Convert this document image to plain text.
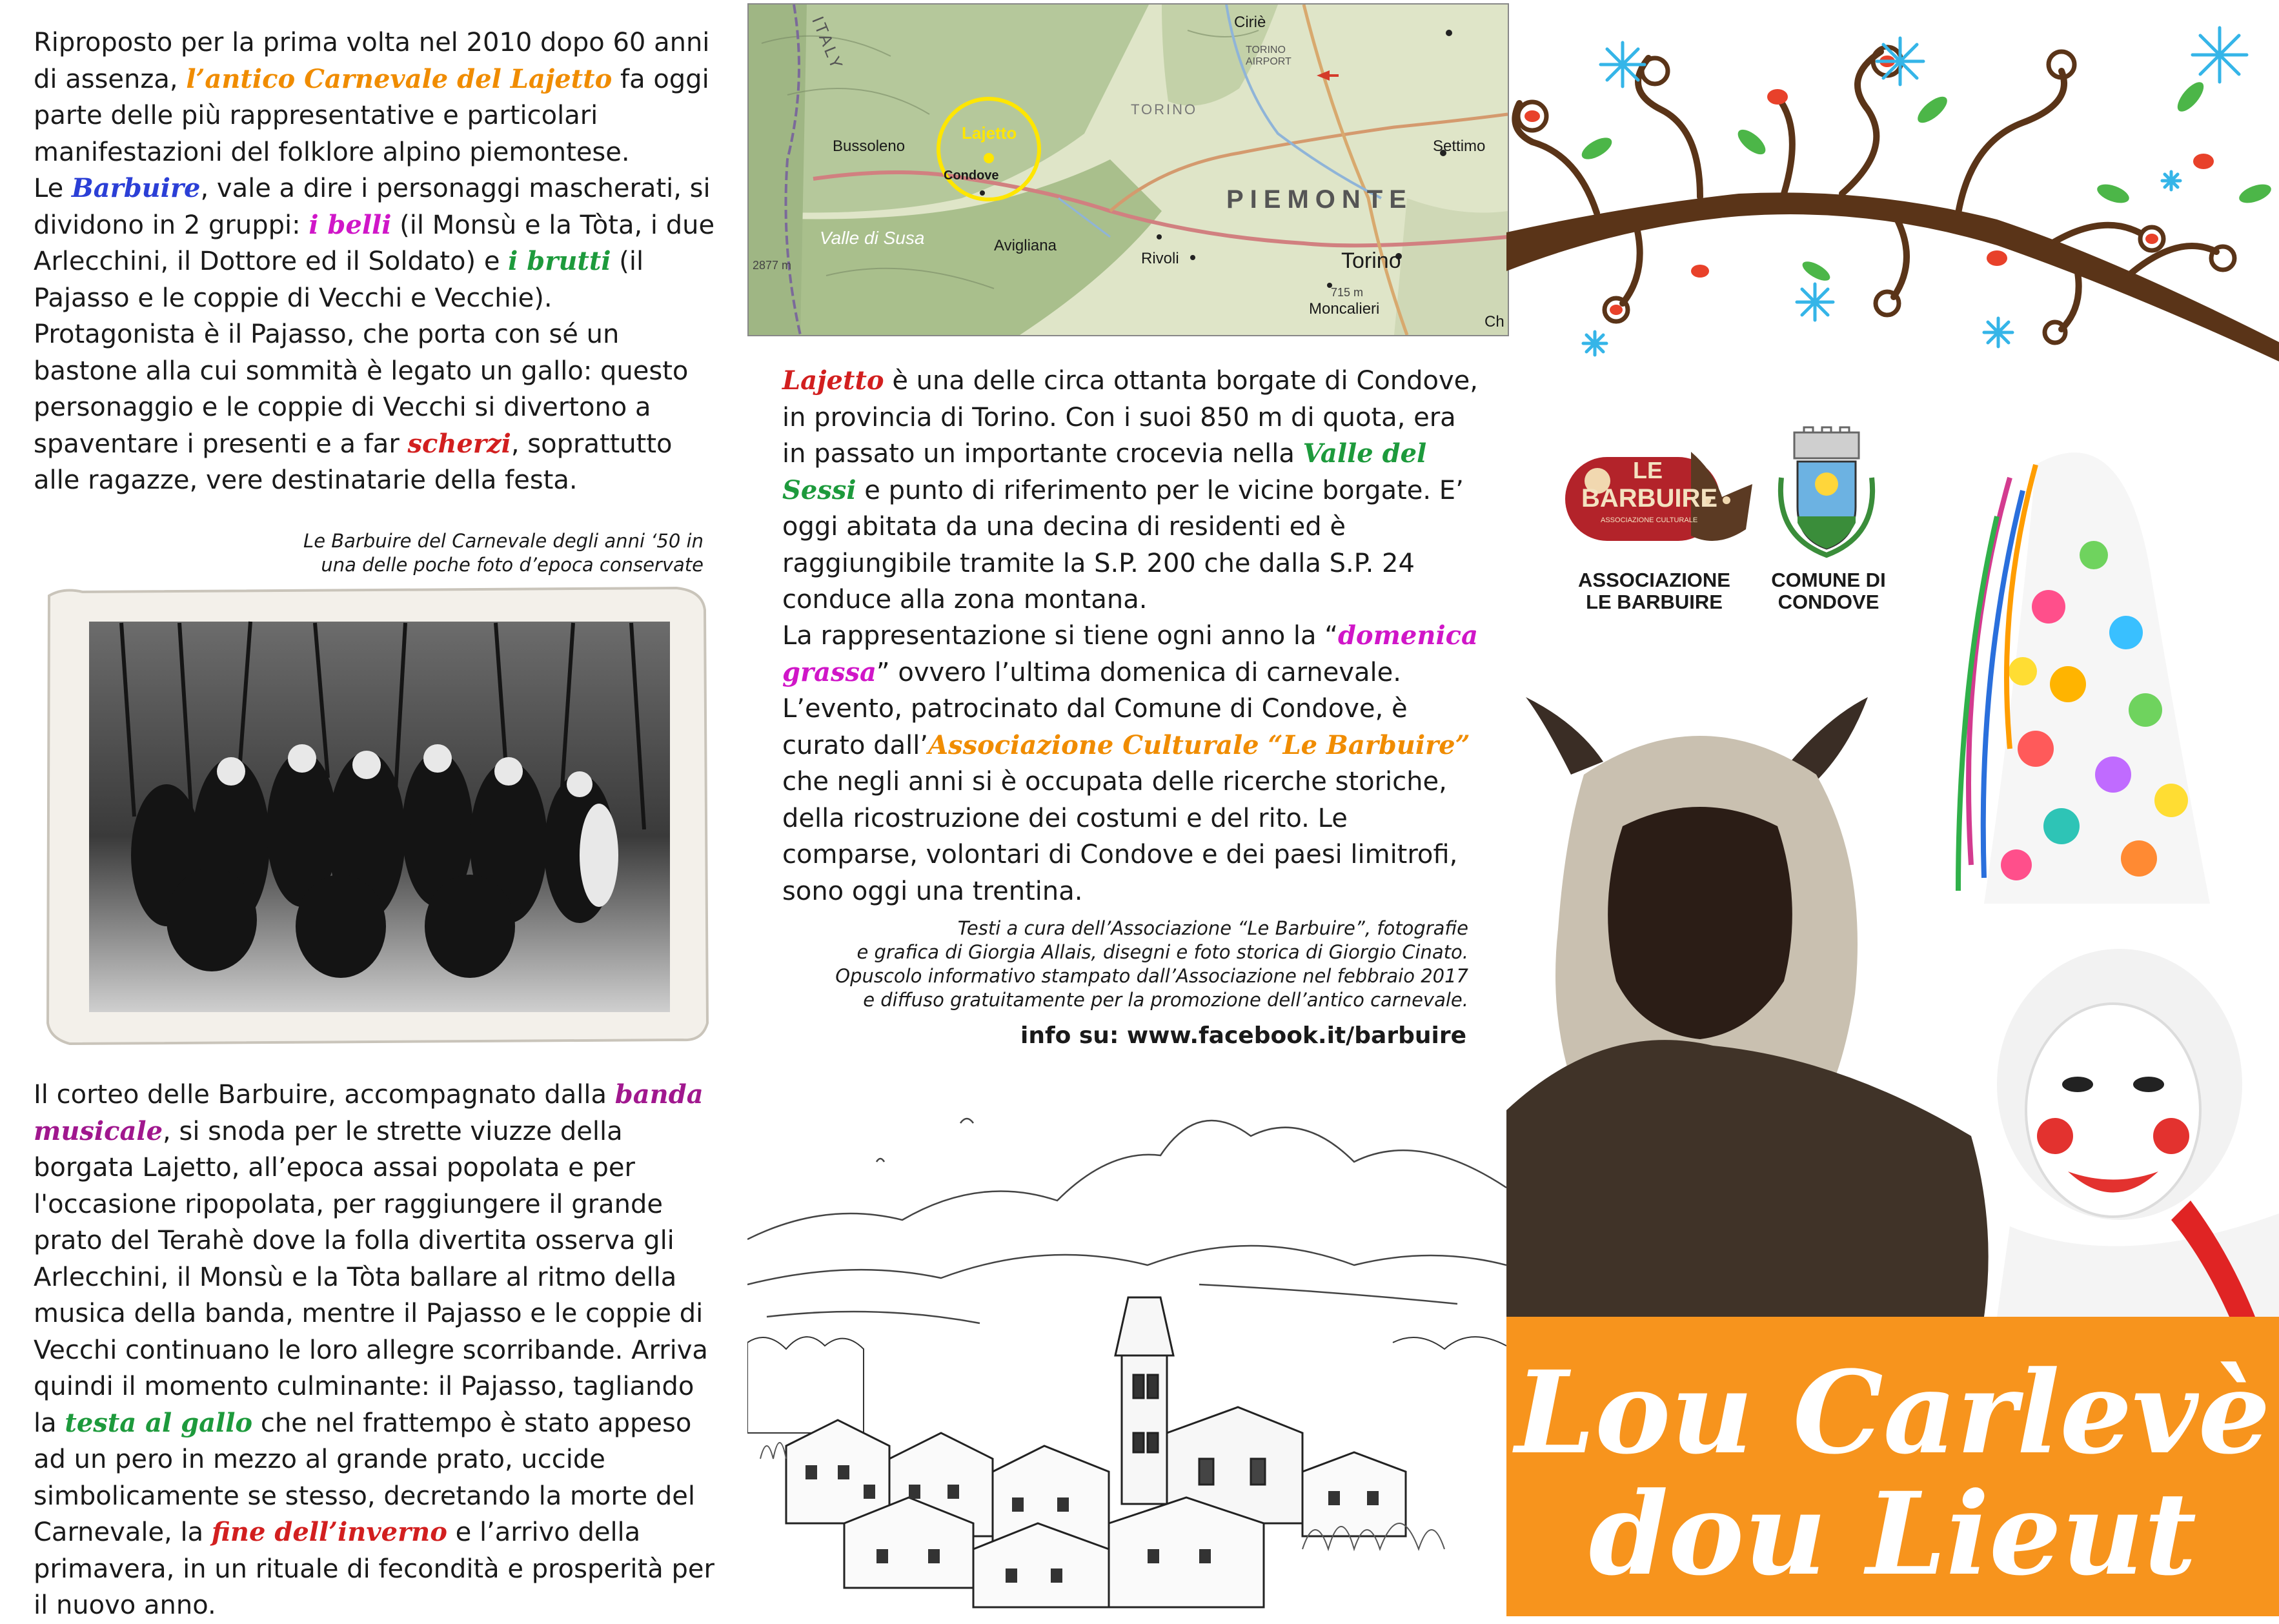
Riproposto per la prima volta nel 2010 dopo 60 anni di assenza, l’antico Carnevale del Lajetto fa oggi parte delle più rappresentative e particolari manifestazioni del folklore alpino piemontese.

Le Barbuire, vale a dire i personaggi mascherati, si dividono in 2 gruppi: i belli (il Monsù e la Tòta, i due Arlecchini, il Dottore ed il Soldato) e i brutti (il Pajasso e le coppie di Vecchi e Vecchie).

Protagonista è il Pajasso, che porta con sé un bastone alla cui sommità è legato un gallo: questo personaggio e le coppie di Vecchi si divertono a spaventare i presenti e a far scherzi, soprattutto alle ragazze, vere destinatarie della festa.

Le Barbuire del Carnevale degli anni ‘50 in

una delle poche foto d’epoca conservate

Il corteo delle Barbuire, accompagnato dalla banda musicale, si snoda per le strette viuzze della borgata Lajetto, all’epoca assai popolata e per l'occasione ripopolata, per raggiungere il grande prato del Terahè dove la folla divertita osserva gli Arlecchini, il Monsù e la Tòta ballare al ritmo della musica della banda, mentre il Pajasso e le coppie di Vecchi continuano le loro allegre scorribande. Arriva quindi il momento culminante: il Pajasso, tagliando la testa al gallo che nel frattempo è stato appeso ad un pero in mezzo al grande prato, uccide simbolicamente se stesso, decretando la morte del Carnevale, la fine dell’inverno e l’arrivo della primavera, in un rituale di fecondità e prosperità per il nuovo anno.

ITALY	Ciriè
TORINO AIRPORT
TORINO
Lajetto
Bussoleno
Condove
Settimo
PIEMONTE
Valle di Susa	Avigliana
Rivoli	Torino
2877 m
715 m
Moncalieri
Ch

Lajetto è una delle circa ottanta borgate di Condove, in provincia di Torino. Con i suoi 850 m di quota, era in passato un importante crocevia nella Valle del Sessi e punto di riferimento per le vicine borgate. E’ oggi abitata da una decina di residenti ed è raggiungibile tramite la S.P. 200 che dalla S.P. 24 conduce alla zona montana.

La rappresentazione si tiene ogni anno la “domenica grassa” ovvero l’ultima domenica di carnevale. L’evento, patrocinato dal Comune di Condove, è curato dall’Associazione Culturale “Le Barbuire” che negli anni si è occupata delle ricerche storiche, della ricostruzione dei costumi e del rito. Le comparse, volontari di Condove e dei paesi limitrofi, sono oggi una trentina.

Testi a cura dell’Associazione “Le Barbuire”, fotografie

e grafica di Giorgia Allais, disegni e foto storica di Giorgio Cinato.

Opuscolo informativo stampato dall’Associazione nel febbraio 2017

e diffuso gratuitamente per la promozione dell’antico carnevale.

info su: www.facebook.it/barbuire
LE
BARBUIRE
ASSOCIAZIONE CULTURALE
ASSOCIAZIONE
LE BARBUIRE
COMUNE DI
CONDOVE
Lou Carlevè
dou Lieut
